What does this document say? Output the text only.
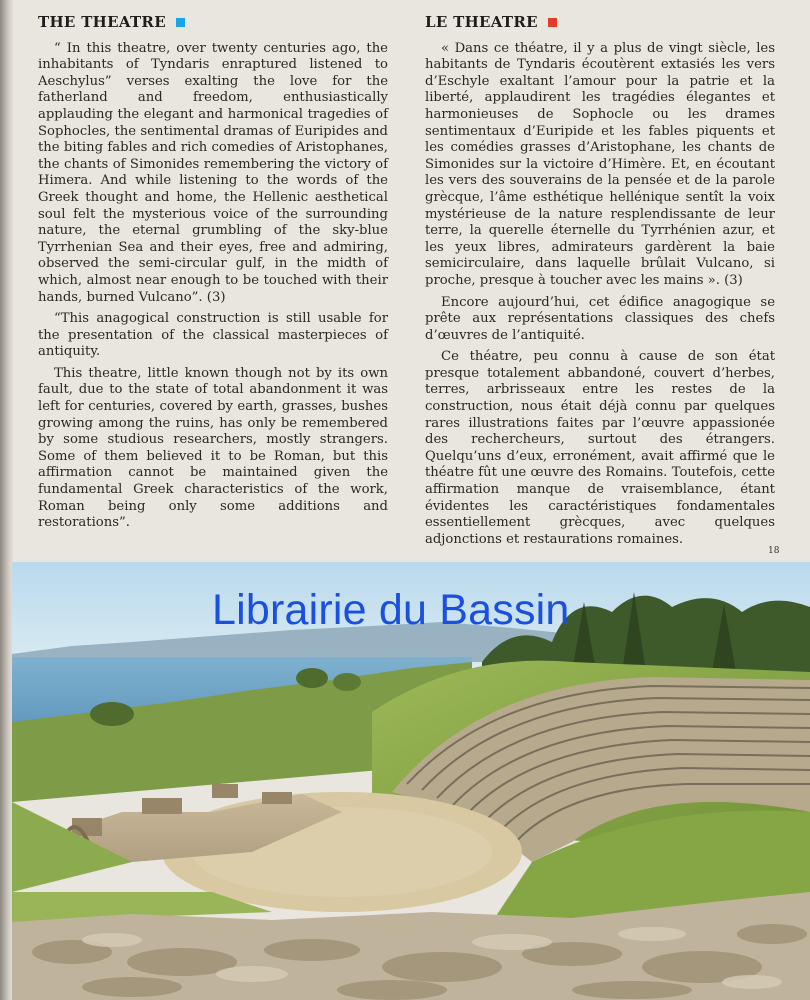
THE THEATRE

“ In this theatre, over twenty centuries ago, the inhabitants of Tyndaris enraptured listened to Aeschylus” verses exalting the love for the fatherland and freedom, enthusiastically applauding the elegant and harmonical tragedies of Sophocles, the sentimental dramas of Euripides and the biting fables and rich comedies of Aristophanes, the chants of Simonides remembering the victory of Himera. And while listening to the words of the Greek thought and home, the Hellenic aesthetical soul felt the mysterious voice of the surrounding nature, the eternal grumbling of the sky-blue Tyrrhenian Sea and their eyes, free and admiring, observed the semi-circular gulf, in the midth of which, almost near enough to be touched with their hands, burned Vulcano”. (3)

“This anagogical construction is still usable for the presentation of the classical masterpieces of antiquity.

This theatre, little known though not by its own fault, due to the state of total abandonment it was left for centuries, covered by earth, grasses, bushes growing among the ruins, has only be remembered by some studious researchers, mostly strangers. Some of them believed it to be Roman, but this affirmation cannot be maintained given the fundamental Greek characteristics of the work, Roman being only some additions and restorations”.

LE THEATRE

« Dans ce théatre, il y a plus de vingt siècle, les habitants de Tyndaris écoutèrent extasiés les vers d’Eschyle exaltant l’amour pour la patrie et la liberté, applaudirent les tragédies élegantes et harmonieuses de Sophocle ou les drames sentimentaux d’Euripide et les fables piquents et les comédies grasses d’Aristophane, les chants de Simonides sur la victoire d’Himère. Et, en écoutant les vers des souverains de la pensée et de la parole grècque, l’âme esthétique hellénique sentît la voix mystérieuse de la nature resplendissante de leur terre, la querelle éternelle du Tyrrhénien azur, et les yeux libres, admirateurs gardèrent la baie semicirculaire, dans laquelle brûlait Vulcano, si proche, presque à toucher avec les mains ». (3)

Encore aujourd’hui, cet édifice anagogique se prête aux représentations classiques des chefs d’œuvres de l’antiquité.

Ce théatre, peu connu à cause de son état presque totalement abbandoné, couvert d’herbes, terres, arbrisseaux entre les restes de la construction, nous était déjà connu par quelques rares illustrations faites par l’œuvre appassionée des rechercheurs, surtout des étrangers. Quelqu’uns d’eux, erronément, avait affirmé que le théatre fût une œuvre des Romains. Toutefois, cette affirmation manque de vraisemblance, étant évidentes les caractéristiques fondamentales essentiellement grècques, avec quelques adjonctions et restaurations romaines.

18
Librairie du Bassin
